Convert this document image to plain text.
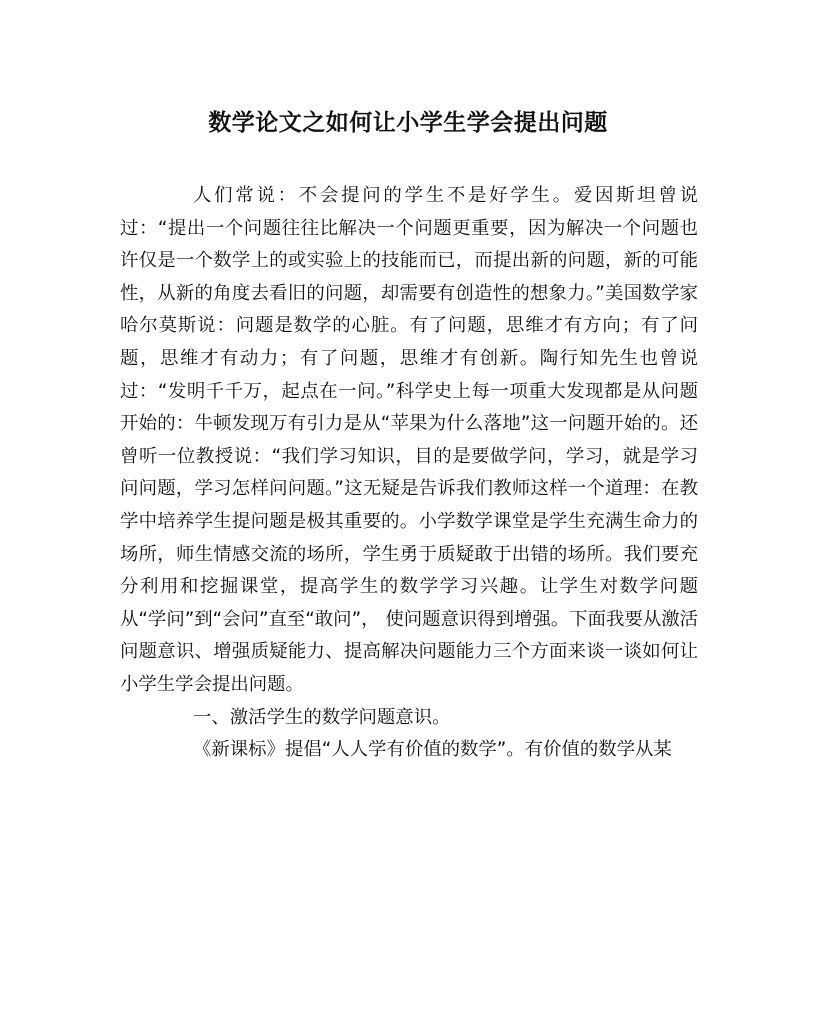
数学论文之如何让小学生学会提出问题

人们常说：不会提问的学生不是好学生。爱因斯坦曾说过：“提出一个问题往往比解决一个问题更重要，因为解决一个问题也许仅是一个数学上的或实验上的技能而已，而提出新的问题，新的可能性，从新的角度去看旧的问题，却需要有创造性的想象力。”美国数学家哈尔莫斯说：问题是数学的心脏。有了问题，思维才有方向；有了问题，思维才有动力；有了问题，思维才有创新。陶行知先生也曾说过：“发明千千万，起点在一问。”科学史上每一项重大发现都是从问题开始的：牛顿发现万有引力是从“苹果为什么落地”这一问题开始的。还曾听一位教授说：“我们学习知识，目的是要做学问，学习，就是学习问问题，学习怎样问问题。”这无疑是告诉我们教师这样一个道理：在教学中培养学生提问题是极其重要的。小学数学课堂是学生充满生命力的场所，师生情感交流的场所，学生勇于质疑敢于出错的场所。我们要充分利用和挖掘课堂，提高学生的数学学习兴趣。让学生对数学问题从“学问”到“会问”直至“敢问”， 使问题意识得到增强。下面我要从激活问题意识、增强质疑能力、提高解决问题能力三个方面来谈一谈如何让小学生学会提出问题。

一、激活学生的数学问题意识。

《新课标》提倡“人人学有价值的数学”。有价值的数学从某
